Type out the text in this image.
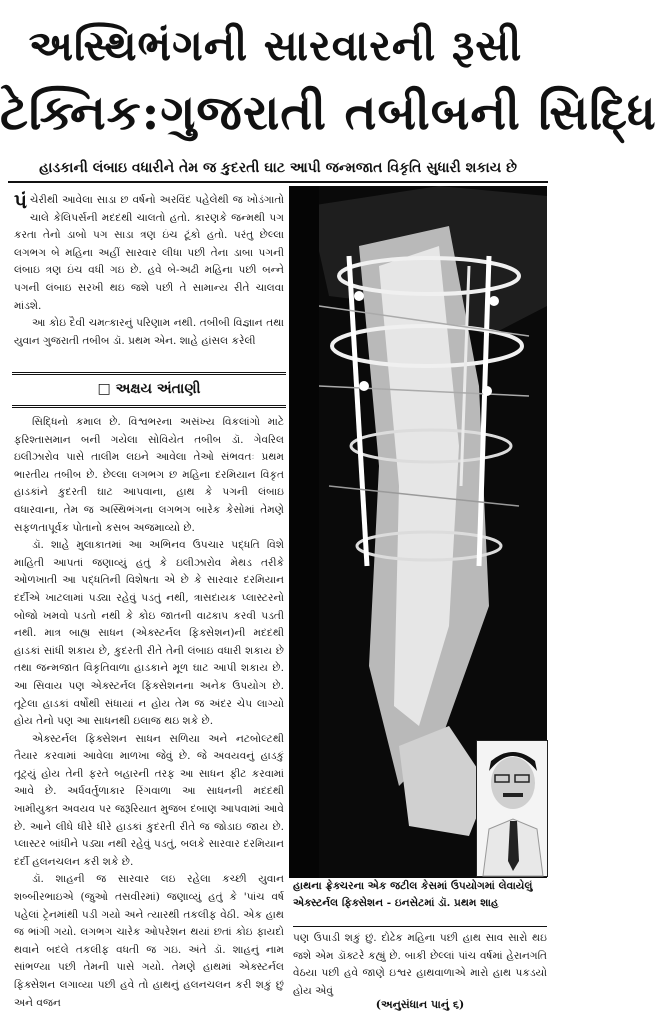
અસ્થિભંગની સારવારની રૂસી
ટેક્નિક:ગુજરાતી તબીબની સિદ્ધિ
હાડકાની લંબાઇ વધારીને તેમ જ કુદરતી ઘાટ આપી જન્મજાત વિકૃતિ સુધારી શકાય છે

પંચેરીથી આવેલા સાડા છ વર્ષનો અરવિંદ પહેલેથી જ ખોડંગાતો ચાલે કેલિપર્સની મદદથી ચાલતો હતો. કારણકે જન્મથી પગ કરતા તેનો ડાબો પગ સાડા ત્રણ ઇંચ ટૂંકો હતો. પરંતુ છેલ્લા લગભગ બે મહિના અહીં સારવાર લીધા પછી તેના ડાબા પગની લંબાઇ ત્રણ ઇંચ વધી ગઇ છે. હવે બે-અઢી મહિના પછી બન્ને પગની લંબાઇ સરખી થઇ જશે પછી તે સામાન્ય રીતે ચાલવા માંડશે.

આ કોઇ દૈવી ચમત્કારનું પરિણામ નથી. તબીબી વિજ્ઞાન તથા યુવાન ગુજરાતી તબીબ ડૉ. પ્રથમ એન. શાહે હાંસલ કરેલી

□ અક્ષય અંતાણી

સિદ્ધિનો કમાલ છે. વિશ્વભરના અસંખ્ય વિકલાંગો માટે ફરિશ્તાસમાન બની ગયેલા સોવિયેત તબીબ ડૉ. ગેવરિલ ઇલીઝારોવ પાસે તાલીમ લઇને આવેલા તેઓ સંભવતઃ પ્રથમ ભારતીય તબીબ છે. છેલ્લા લગભગ છ મહિના દરમિયાન વિકૃત હાડકાંને કુદરતી ઘાટ આપવાના, હાથ કે પગની લંબાઇ વધારવાના, તેમ જ અસ્થિભંગના લગભગ બારેક કેસોમાં તેમણે સફળતાપૂર્વક પોતાનો કસબ અજમાવ્યો છે.

ડૉ. શાહે મુલાકાતમાં આ અભિનવ ઉપચાર પદ્ધતિ વિશે માહિતી આપતાં જણાવ્યું હતું કે ઇલીઝારોવ મેથડ તરીકે ઓળખાતી આ પદ્ધતિની વિશેષતા એ છે કે સારવાર દરમિયાન દર્દીએ ખાટલામાં પડ્યા રહેવું પડતું નથી, ત્રાસદાયક પ્લાસ્ટરનો બોજો ખમવો પડતો નથી કે કોઇ જાતની વાઢકાપ કરવી પડતી નથી. માત્ર બાહ્ય સાધન (એક્સ્ટર્નલ ફિક્સેશન)ની મદદથી હાડકાં સાંધી શકાય છે, કુદરતી રીતે તેની લંબાઇ વધારી શકાય છે તથા જન્મજાત વિકૃતિવાળા હાડકાને મૂળ ઘાટ આપી શકાય છે. આ સિવાય પણ એક્સ્ટર્નલ ફિક્સેશનના અનેક ઉપયોગ છે. તૂટેલા હાડકાં વર્ષોથી સંધાયાં ન હોય તેમ જ અંદર ચેપ લાગ્યો હોય તેનો પણ આ સાધનથી ઇલાજ થઇ શકે છે.

એક્સ્ટર્નલ ફિક્સેશન સાધન સળિયા અને નટબોલ્ટથી તૈયાર કરવામાં આવેલા માળખા જેવું છે. જે અવયવનું હાડકું તૂટ્યું હોય તેની ફરતે બહારની તરફ આ સાધન ફીટ કરવામાં આવે છે. અર્ધવર્તુળાકાર રિંગવાળા આ સાધનની મદદથી ખામીયુક્ત અવયવ પર જરૂરિયાત મુજબ દબાણ આપવામાં આવે છે. આને લીધે ધીરે ધીરે હાડકાં કુદરતી રીતે જ જોડાઇ જાય છે. પ્લાસ્ટર બાંધીને પડ્યા નથી રહેવું પડતું, બલકે સારવાર દરમિયાન દર્દી હલનચલન કરી શકે છે.

ડૉ. શાહની જ સારવાર લઇ રહેલા કચ્છી યુવાન શબ્બીરભાઇએ (જુઓ તસવીરમાં) જણાવ્યું હતું કે 'પાંચ વર્ષ પહેલાં ટ્રેનમાંથી પડી ગયો અને ત્યારથી તકલીફ વેઠી. એક હાથ જ ભાંગી ગયો. લગભગ ચારેક ઓપરેશન થયાં છતાં કોઇ ફાયદો થવાને બદલે તકલીફ વધતી જ ગઇ. અંતે ડૉ. શાહનું નામ સાંભળ્યા પછી તેમની પાસે ગયો. તેમણે હાથમાં એક્સ્ટર્નલ ફિક્સેશન લગાવ્યા પછી હવે તો હાથનું હલનચલન કરી શકું છું અને વજન

હાથના ફ્રેક્ચરના એક જટીલ કેસમાં ઉપયોગમાં લેવાયેલું એક્સ્ટર્નલ ફિક્સેશન - ઇનસેટમાં ડૉ. પ્રથમ શાહ

પણ ઉપાડી શકું છું. દોઢેક મહિના પછી હાથ સાવ સારો થઇ જશે એમ ડૉક્ટરે કહ્યું છે. બાકી છેલ્લાં પાંચ વર્ષમાં હેરાનગતિ વેઠયા પછી હવે જાણે ઇશ્વર હાથવાળાએ મારો હાથ પકડયો હોય એવું

(અનુસંધાન પાનું ૬)
